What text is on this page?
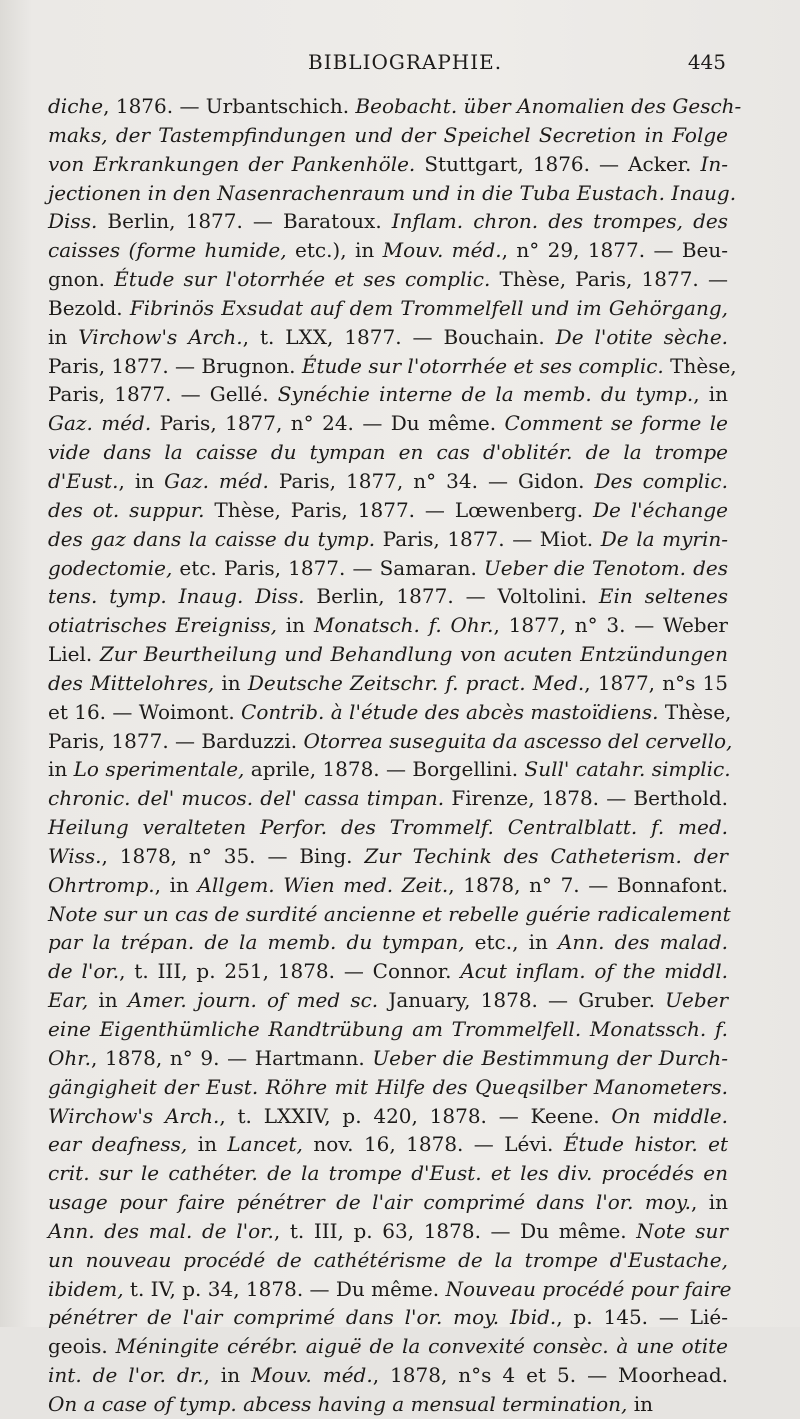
BIBLIOGRAPHIE.	445
diche, 1876. — Urbantschich. Beobacht. über Anomalien des Gesch-
maks, der Tastempfindungen und der Speichel Secretion in Folge
von Erkrankungen der Pankenhöle. Stuttgart, 1876. — Acker. In-
jectionen in den Nasenrachenraum und in die Tuba Eustach. Inaug.
Diss. Berlin, 1877. — Baratoux. Inflam. chron. des trompes, des
caisses (forme humide, etc.), in Mouv. méd., n° 29, 1877. — Beu-
gnon. Étude sur l'otorrhée et ses complic. Thèse, Paris, 1877. —
Bezold. Fibrinös Exsudat auf dem Trommelfell und im Gehörgang,
in Virchow's Arch., t. LXX, 1877. — Bouchain. De l'otite sèche.
Paris, 1877. — Brugnon. Étude sur l'otorrhée et ses complic. Thèse,
Paris, 1877. — Gellé. Synéchie interne de la memb. du tymp., in
Gaz. méd. Paris, 1877, n° 24. — Du même. Comment se forme le
vide dans la caisse du tympan en cas d'oblitér. de la trompe
d'Eust., in Gaz. méd. Paris, 1877, n° 34. — Gidon. Des complic.
des ot. suppur. Thèse, Paris, 1877. — Lœwenberg. De l'échange
des gaz dans la caisse du tymp. Paris, 1877. — Miot. De la myrin-
godectomie, etc. Paris, 1877. — Samaran. Ueber die Tenotom. des
tens. tymp. Inaug. Diss. Berlin, 1877. — Voltolini. Ein seltenes
otiatrisches Ereigniss, in Monatsch. f. Ohr., 1877, n° 3. — Weber
Liel. Zur Beurtheilung und Behandlung von acuten Entzündungen
des Mittelohres, in Deutsche Zeitschr. f. pract. Med., 1877, n°s 15
et 16. — Woimont. Contrib. à l'étude des abcès mastoïdiens. Thèse,
Paris, 1877. — Barduzzi. Otorrea suseguita da ascesso del cervello,
in Lo sperimentale, aprile, 1878. — Borgellini. Sull' catahr. simplic.
chronic. del' mucos. del' cassa timpan. Firenze, 1878. — Berthold.
Heilung veralteten Perfor. des Trommelf. Centralblatt. f. med.
Wiss., 1878, n° 35. — Bing. Zur Techink des Catheterism. der
Ohrtromp., in Allgem. Wien med. Zeit., 1878, n° 7. — Bonnafont.
Note sur un cas de surdité ancienne et rebelle guérie radicalement
par la trépan. de la memb. du tympan, etc., in Ann. des malad.
de l'or., t. III, p. 251, 1878. — Connor. Acut inflam. of the middl.
Ear, in Amer. journ. of med sc. January, 1878. — Gruber. Ueber
eine Eigenthümliche Randtrübung am Trommelfell. Monatssch. f.
Ohr., 1878, n° 9. — Hartmann. Ueber die Bestimmung der Durch-
gängigheit der Eust. Röhre mit Hilfe des Queqsilber Manometers.
Wirchow's Arch., t. LXXIV, p. 420, 1878. — Keene. On middle.
ear deafness, in Lancet, nov. 16, 1878. — Lévi. Étude histor. et
crit. sur le cathéter. de la trompe d'Eust. et les div. procédés en
usage pour faire pénétrer de l'air comprimé dans l'or. moy., in
Ann. des mal. de l'or., t. III, p. 63, 1878. — Du même. Note sur
un nouveau procédé de cathétérisme de la trompe d'Eustache,
ibidem, t. IV, p. 34, 1878. — Du même. Nouveau procédé pour faire
pénétrer de l'air comprimé dans l'or. moy. Ibid., p. 145. — Lié-
geois. Méningite cérébr. aiguë de la convexité consèc. à une otite
int. de l'or. dr., in Mouv. méd., 1878, n°s 4 et 5. — Moorhead.
On a case of tymp. abcess having a mensual termination, in
